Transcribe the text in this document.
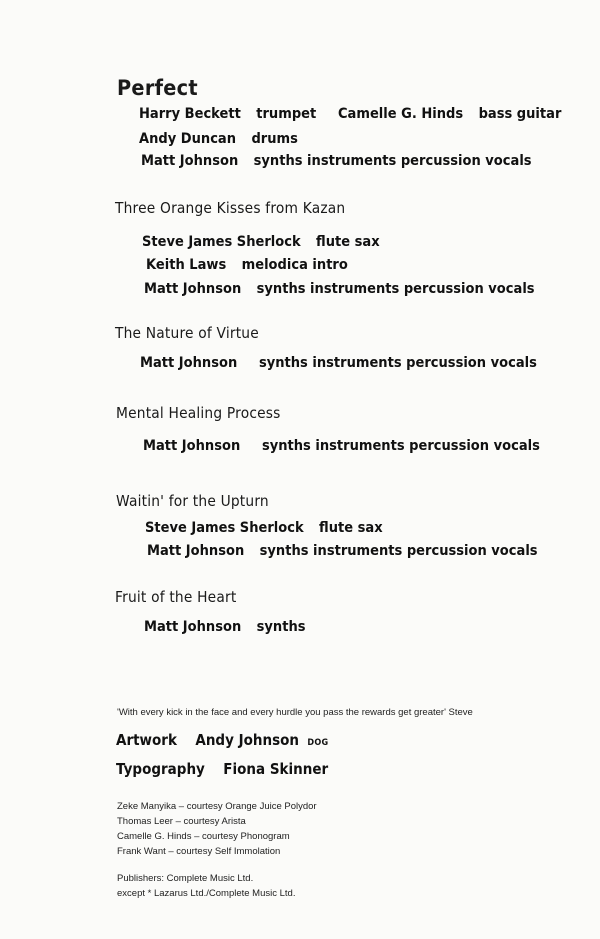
Perfect
Harry Beckett trumpet Camelle G. Hinds bass guitar
Andy Duncan drums
Matt Johnson synths instruments percussion vocals
Three Orange Kisses from Kazan
Steve James Sherlock flute sax
Keith Laws melodica intro
Matt Johnson synths instruments percussion vocals
The Nature of Virtue
Matt Johnson synths instruments percussion vocals
Mental Healing Process
Matt Johnson synths instruments percussion vocals
Waitin' for the Upturn
Steve James Sherlock flute sax
Matt Johnson synths instruments percussion vocals
Fruit of the Heart
Matt Johnson synths
'With every kick in the face and every hurdle you pass the rewards get greater' Steve
Artwork Andy Johnson DOG
Typography Fiona Skinner
Zeke Manyika – courtesy Orange Juice Polydor
Thomas Leer – courtesy Arista
Camelle G. Hinds – courtesy Phonogram
Frank Want – courtesy Self Immolation
Publishers: Complete Music Ltd.
except * Lazarus Ltd./Complete Music Ltd.
